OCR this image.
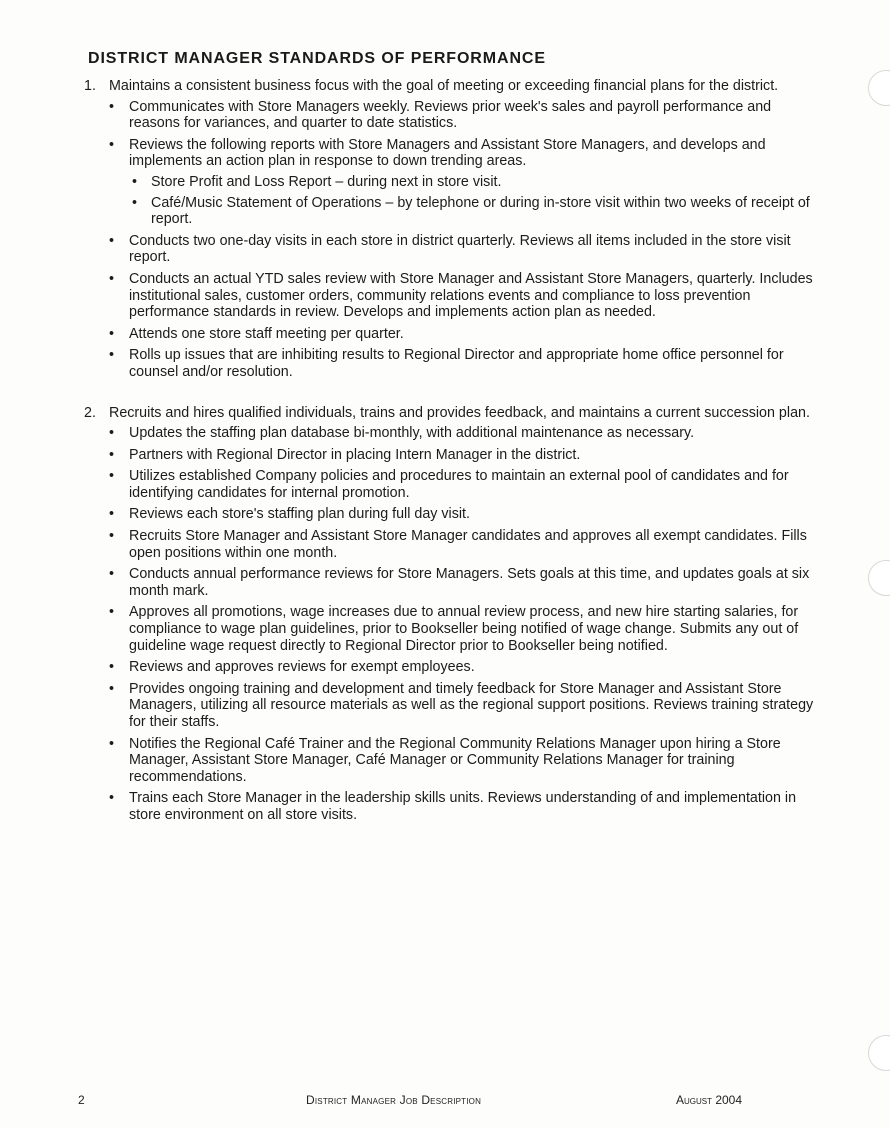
DISTRICT MANAGER STANDARDS OF PERFORMANCE
1. Maintains a consistent business focus with the goal of meeting or exceeding financial plans for the district.
• Communicates with Store Managers weekly. Reviews prior week's sales and payroll performance and reasons for variances, and quarter to date statistics.
• Reviews the following reports with Store Managers and Assistant Store Managers, and develops and implements an action plan in response to down trending areas.
• Store Profit and Loss Report – during next in store visit.
• Café/Music Statement of Operations – by telephone or during in-store visit within two weeks of receipt of report.
• Conducts two one-day visits in each store in district quarterly. Reviews all items included in the store visit report.
• Conducts an actual YTD sales review with Store Manager and Assistant Store Managers, quarterly. Includes institutional sales, customer orders, community relations events and compliance to loss prevention performance standards in review. Develops and implements action plan as needed.
• Attends one store staff meeting per quarter.
• Rolls up issues that are inhibiting results to Regional Director and appropriate home office personnel for counsel and/or resolution.
2. Recruits and hires qualified individuals, trains and provides feedback, and maintains a current succession plan.
• Updates the staffing plan database bi-monthly, with additional maintenance as necessary.
• Partners with Regional Director in placing Intern Manager in the district.
• Utilizes established Company policies and procedures to maintain an external pool of candidates and for identifying candidates for internal promotion.
• Reviews each store's staffing plan during full day visit.
• Recruits Store Manager and Assistant Store Manager candidates and approves all exempt candidates. Fills open positions within one month.
• Conducts annual performance reviews for Store Managers. Sets goals at this time, and updates goals at six month mark.
• Approves all promotions, wage increases due to annual review process, and new hire starting salaries, for compliance to wage plan guidelines, prior to Bookseller being notified of wage change. Submits any out of guideline wage request directly to Regional Director prior to Bookseller being notified.
• Reviews and approves reviews for exempt employees.
• Provides ongoing training and development and timely feedback for Store Manager and Assistant Store Managers, utilizing all resource materials as well as the regional support positions. Reviews training strategy for their staffs.
• Notifies the Regional Café Trainer and the Regional Community Relations Manager upon hiring a Store Manager, Assistant Store Manager, Café Manager or Community Relations Manager for training recommendations.
• Trains each Store Manager in the leadership skills units. Reviews understanding of and implementation in store environment on all store visits.
2	District Manager Job Description	August 2004
